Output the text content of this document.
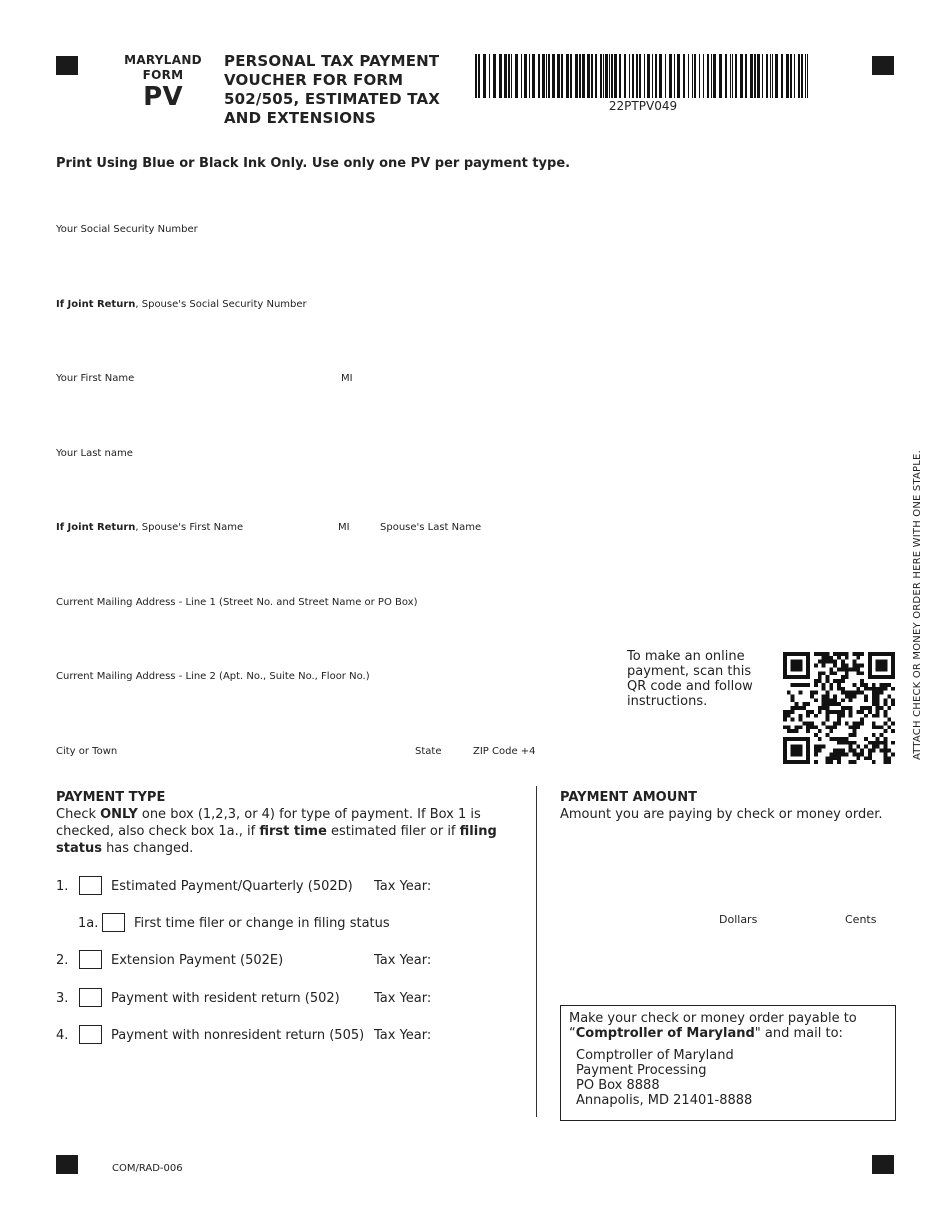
MARYLAND
FORM
PV
PERSONAL TAX PAYMENT
VOUCHER FOR FORM
502/505, ESTIMATED TAX
AND EXTENSIONS
22PTPV049
Print Using Blue or Black Ink Only. Use only one PV per payment type.
Your Social Security Number
If Joint Return, Spouse's Social Security Number
Your First Name	MI
Your Last name
If Joint Return, Spouse's First Name	MI	Spouse's Last Name
Current Mailing Address - Line 1 (Street No. and Street Name or PO Box)
Current Mailing Address - Line 2 (Apt. No., Suite No., Floor No.)
City or Town	State	ZIP Code +4
To make an online payment, scan this QR code and follow instructions.	ATTACH CHECK OR MONEY ORDER HERE WITH ONE STAPLE.
PAYMENT TYPE
Check ONLY one box (1,2,3, or 4) for type of payment. If Box 1 is checked, also check box 1a., if first time estimated filer or if filing status has changed.
1.	Estimated Payment/Quarterly (502D) Tax Year:
1a.	First time filer or change in filing status
2.	Extension Payment (502E)	Tax Year:
3.	Payment with resident return (502)	Tax Year:
4.	Payment with nonresident return (505) Tax Year:
PAYMENT AMOUNT
Amount you are paying by check or money order.
Dollars	Cents
Make your check or money order payable to
“Comptroller of Maryland" and mail to:
Comptroller of Maryland
Payment Processing
PO Box 8888
Annapolis, MD 21401-8888
COM/RAD-006
